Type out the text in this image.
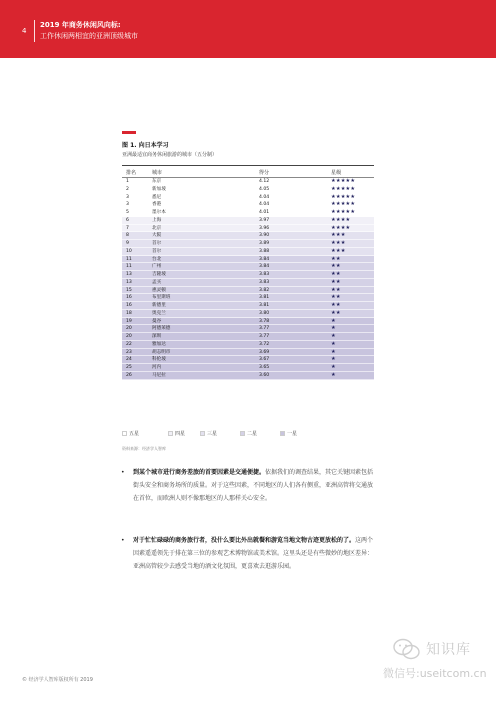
4
2019 年商务休闲风向标:
工作休闲两相宜的亚洲顶级城市
图 1. 向日本学习
亚洲最适宜商务休闲旅游的城市（五分制）
排名	城市	得分	星级
1	东京	4.12	★★★★★
2	新加坡	4.05	★★★★★
3	悉尼	4.04	★★★★★
3	香港	4.04	★★★★★
5	墨尔本	4.01	★★★★★
6	上海	3.97	★★★★
7	北京	3.96	★★★★
8	大阪	3.90	★★★
9	首尔	3.89	★★★
10	首尔	3.88	★★★
11	台北	3.84	★★
11	广州	3.84	★★
13	吉隆坡	3.83	★★
13	孟买	3.83	★★
15	惠灵顿	3.82	★★
16	布里斯班	3.81	★★
16	新德里	3.81	★★
18	奥克兰	3.80	★★
19	曼谷	3.78	★
20	阿德莱德	3.77	★
20	深圳	3.77	★
22	雅加达	3.72	★
23	胡志明市	3.69	★
24	科伦坡	3.67	★
25	河内	3.65	★
26	马尼拉	3.60	★
五星	四星	三星	二星	一星
资料来源：经济学人智库
• 到某个城市进行商务差旅的首要因素是交通便捷。依据我们的调查结果，其它关键因素包括街头安全和商务场所的质量。对于这些因素，不同地区的人们各有侧重，亚洲高管将交通放在首位，而欧洲人则不像那地区的人那样关心安全。
• 对于忙忙碌碌的商务旅行者，没什么要比外出就餐和游览当地文物古迹更放松的了。这两个因素遥遥领先于排在第三位的参观艺术博物馆或美术馆。这里头还是有些微妙的地区差异：亚洲高管较少去感受当地的酒文化氛围，更喜欢去逛游乐园。
© 经济学人智库版权所有 2019
知识库
微信号:useitcom.cn
